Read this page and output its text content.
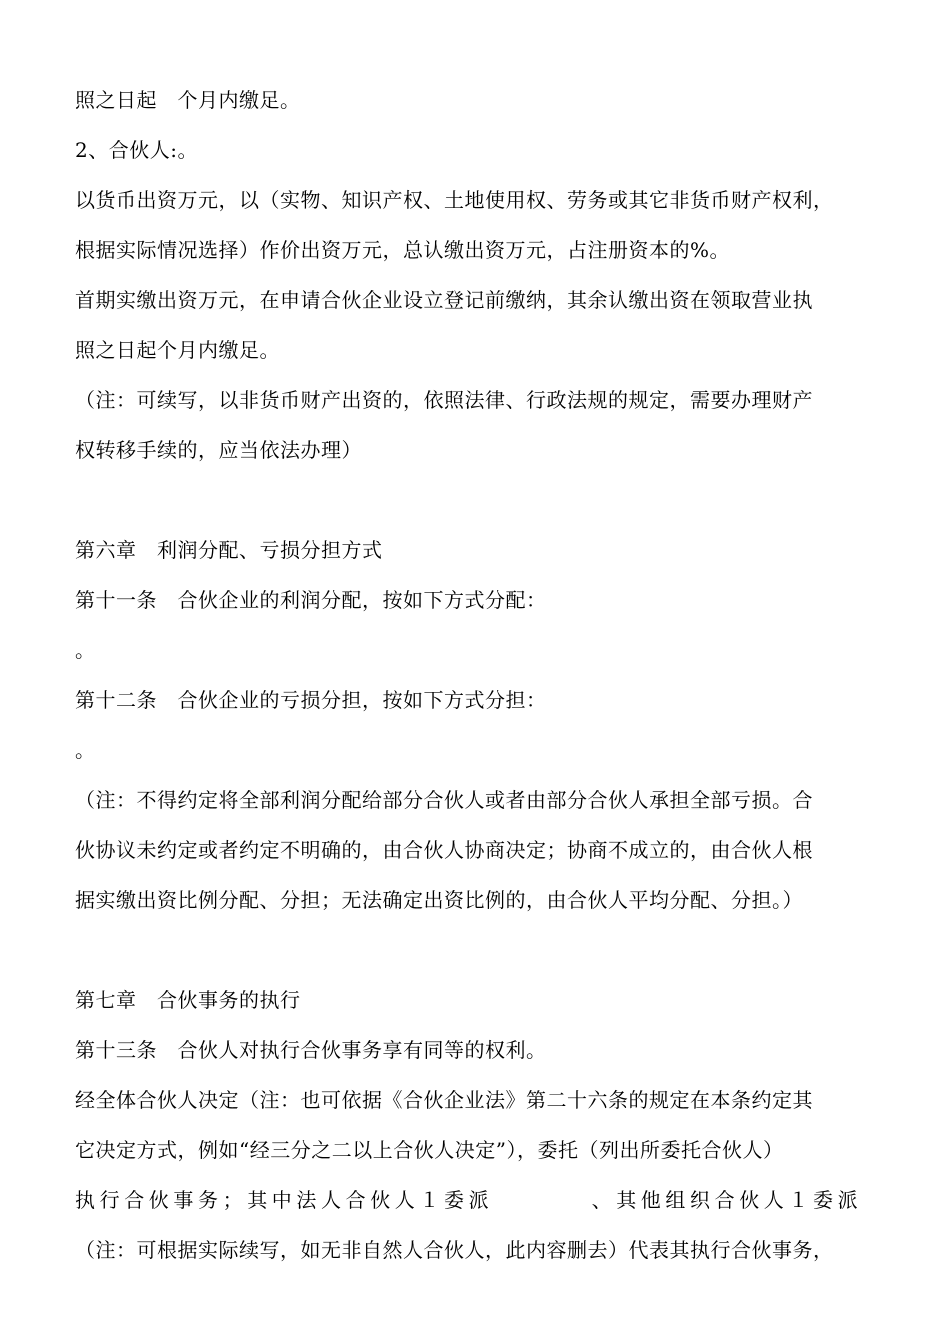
照之日起　个月内缴足。
2、合伙人:。
以货币出资万元，以（实物、知识产权、土地使用权、劳务或其它非货币财产权利，
根据实际情况选择）作价出资万元，总认缴出资万元，占注册资本的%。
首期实缴出资万元，在申请合伙企业设立登记前缴纳，其余认缴出资在领取营业执
照之日起个月内缴足。
（注：可续写，以非货币财产出资的，依照法律、行政法规的规定，需要办理财产
权转移手续的，应当依法办理）
第六章　利润分配、亏损分担方式
第十一条　合伙企业的利润分配，按如下方式分配：
。
第十二条　合伙企业的亏损分担，按如下方式分担：
。
（注：不得约定将全部利润分配给部分合伙人或者由部分合伙人承担全部亏损。合
伙协议未约定或者约定不明确的，由合伙人协商决定；协商不成立的，由合伙人根
据实缴出资比例分配、分担；无法确定出资比例的，由合伙人平均分配、分担。）
第七章　合伙事务的执行
第十三条　合伙人对执行合伙事务享有同等的权利。
经全体合伙人决定（注：也可依据《合伙企业法》第二十六条的规定在本条约定其
它决定方式，例如“经三分之二以上合伙人决定”），委托（列出所委托合伙人）
执行合伙事务；其中法人合伙人１委派　　　　、其他组织合伙人１委派
（注：可根据实际续写，如无非自然人合伙人，此内容删去）代表其执行合伙事务，
